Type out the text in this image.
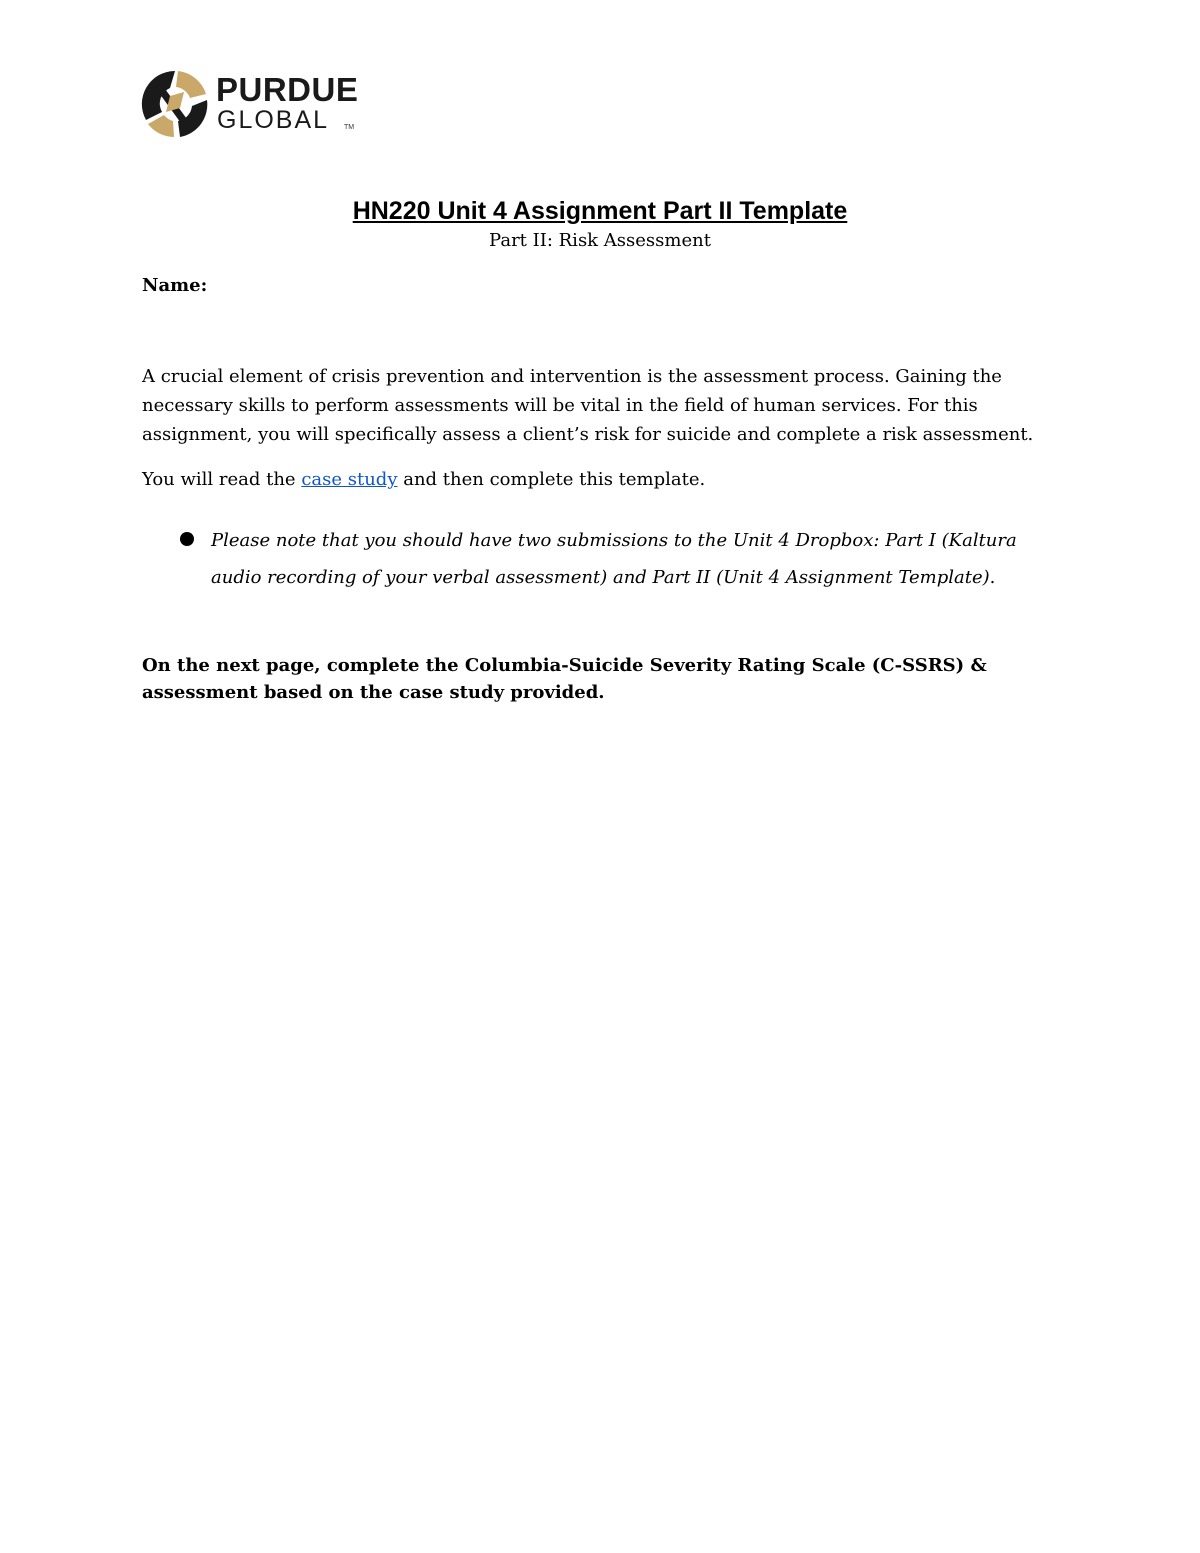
PURDUE
GLOBAL TM
HN220 Unit 4 Assignment Part II Template
Part II: Risk Assessment
Name:

A crucial element of crisis prevention and intervention is the assessment process. Gaining the necessary skills to perform assessments will be vital in the field of human services. For this assignment, you will specifically assess a client’s risk for suicide and complete a risk assessment.

You will read the case study and then complete this template.

Please note that you should have two submissions to the Unit 4 Dropbox: Part I (Kaltura audio recording of your verbal assessment) and Part II (Unit 4 Assignment Template).

On the next page, complete the Columbia-Suicide Severity Rating Scale (C-SSRS) & assessment based on the case study provided.
